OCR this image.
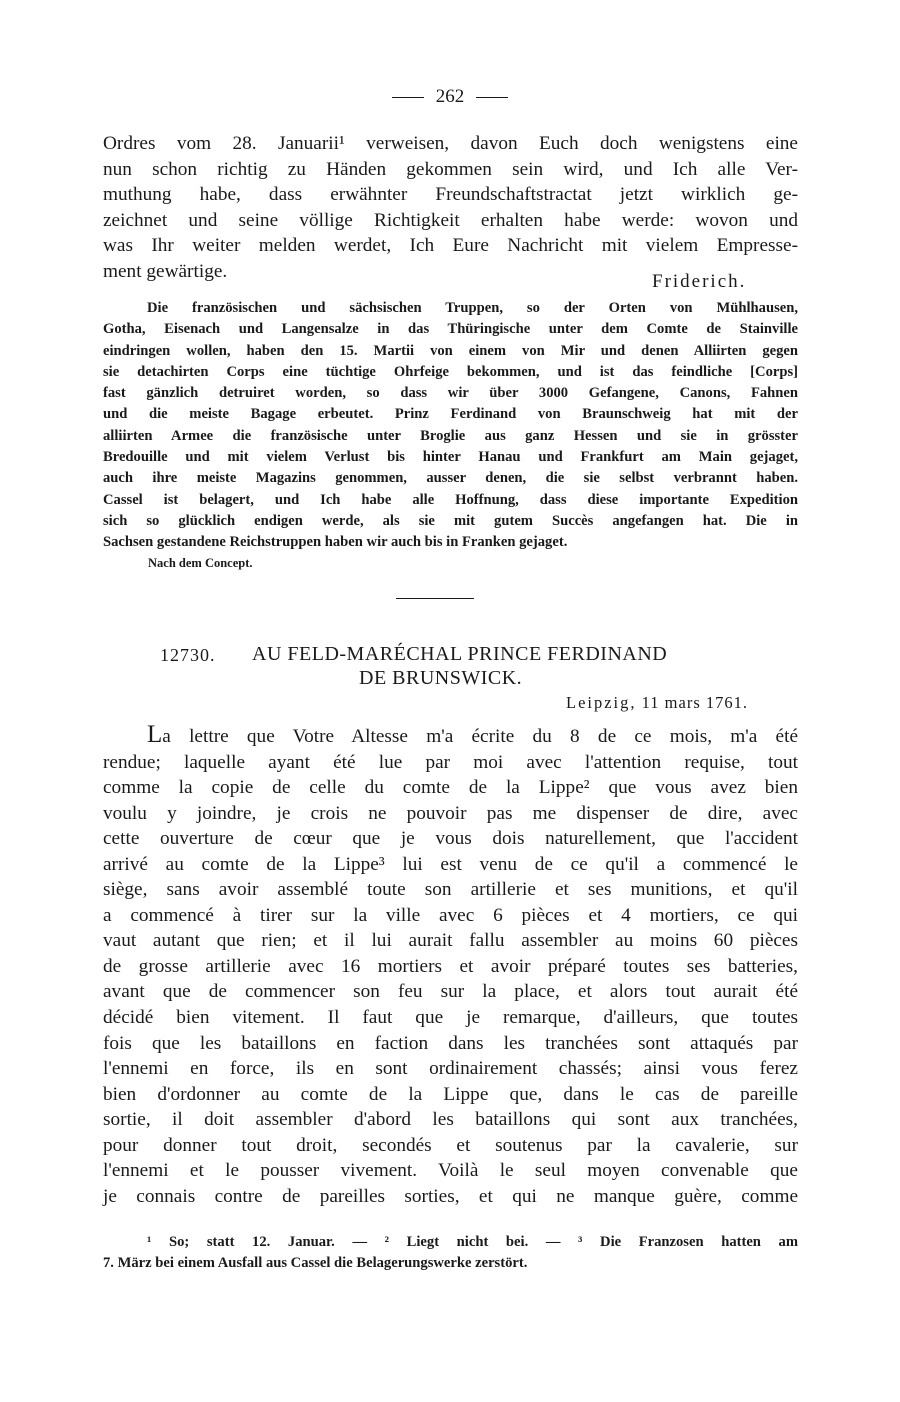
262
Ordres vom 28. Januarii¹ verweisen, davon Euch doch wenigstens eine
nun schon richtig zu Händen gekommen sein wird, und Ich alle Ver-
muthung habe, dass erwähnter Freundschaftstractat jetzt wirklich ge-
zeichnet und seine völlige Richtigkeit erhalten habe werde: wovon und
was Ihr weiter melden werdet, Ich Eure Nachricht mit vielem Empresse-
ment gewärtige.	Friderich.
Die französischen und sächsischen Truppen, so der Orten von Mühlhausen,
Gotha, Eisenach und Langensalze in das Thüringische unter dem Comte de Stainville
eindringen wollen, haben den 15. Martii von einem von Mir und denen Alliirten gegen
sie detachirten Corps eine tüchtige Ohrfeige bekommen, und ist das feindliche [Corps]
fast gänzlich detruiret worden, so dass wir über 3000 Gefangene, Canons, Fahnen
und die meiste Bagage erbeutet. Prinz Ferdinand von Braunschweig hat mit der
alliirten Armee die französische unter Broglie aus ganz Hessen und sie in grösster
Bredouille und mit vielem Verlust bis hinter Hanau und Frankfurt am Main gejaget,
auch ihre meiste Magazins genommen, ausser denen, die sie selbst verbrannt haben.
Cassel ist belagert, und Ich habe alle Hoffnung, dass diese importante Expedition
sich so glücklich endigen werde, als sie mit gutem Succès angefangen hat. Die in
Sachsen gestandene Reichstruppen haben wir auch bis in Franken gejaget.
Nach dem Concept.
12730. AU FELD-MARÉCHAL PRINCE FERDINAND
DE BRUNSWICK.
Leipzig, 11 mars 1761.
La lettre que Votre Altesse m'a écrite du 8 de ce mois, m'a été
rendue; laquelle ayant été lue par moi avec l'attention requise, tout
comme la copie de celle du comte de la Lippe² que vous avez bien
voulu y joindre, je crois ne pouvoir pas me dispenser de dire, avec
cette ouverture de cœur que je vous dois naturellement, que l'accident
arrivé au comte de la Lippe³ lui est venu de ce qu'il a commencé le
siège, sans avoir assemblé toute son artillerie et ses munitions, et qu'il
a commencé à tirer sur la ville avec 6 pièces et 4 mortiers, ce qui
vaut autant que rien; et il lui aurait fallu assembler au moins 60 pièces
de grosse artillerie avec 16 mortiers et avoir préparé toutes ses batteries,
avant que de commencer son feu sur la place, et alors tout aurait été
décidé bien vitement. Il faut que je remarque, d'ailleurs, que toutes
fois que les bataillons en faction dans les tranchées sont attaqués par
l'ennemi en force, ils en sont ordinairement chassés; ainsi vous ferez
bien d'ordonner au comte de la Lippe que, dans le cas de pareille
sortie, il doit assembler d'abord les bataillons qui sont aux tranchées,
pour donner tout droit, secondés et soutenus par la cavalerie, sur
l'ennemi et le pousser vivement. Voilà le seul moyen convenable que
je connais contre de pareilles sorties, et qui ne manque guère, comme
¹ So; statt 12. Januar. — ² Liegt nicht bei. — ³ Die Franzosen hatten am
7. März bei einem Ausfall aus Cassel die Belagerungswerke zerstört.
